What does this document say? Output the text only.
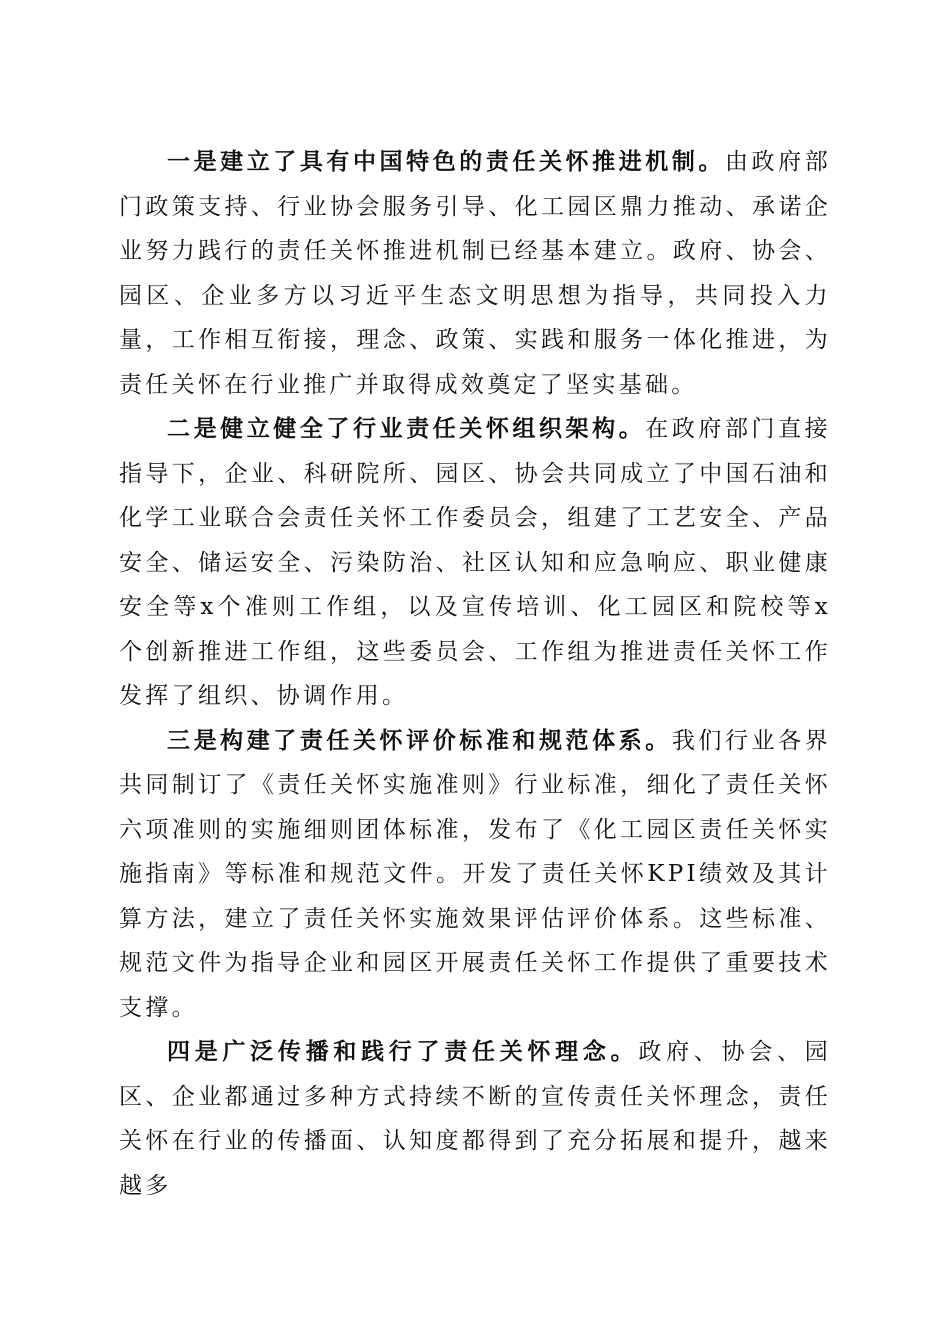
一是建立了具有中国特色的责任关怀推进机制。由政府部门政策支持、行业协会服务引导、化工园区鼎力推动、承诺企业努力践行的责任关怀推进机制已经基本建立。政府、协会、园区、企业多方以习近平生态文明思想为指导，共同投入力量，工作相互衔接，理念、政策、实践和服务一体化推进，为责任关怀在行业推广并取得成效奠定了坚实基础。

二是健立健全了行业责任关怀组织架构。在政府部门直接指导下，企业、科研院所、园区、协会共同成立了中国石油和化学工业联合会责任关怀工作委员会，组建了工艺安全、产品安全、储运安全、污染防治、社区认知和应急响应、职业健康安全等x个准则工作组，以及宣传培训、化工园区和院校等x个创新推进工作组，这些委员会、工作组为推进责任关怀工作发挥了组织、协调作用。

三是构建了责任关怀评价标准和规范体系。我们行业各界共同制订了《责任关怀实施准则》行业标准，细化了责任关怀六项准则的实施细则团体标准，发布了《化工园区责任关怀实施指南》等标准和规范文件。开发了责任关怀KPI绩效及其计算方法，建立了责任关怀实施效果评估评价体系。这些标准、规范文件为指导企业和园区开展责任关怀工作提供了重要技术支撑。

四是广泛传播和践行了责任关怀理念。政府、协会、园区、企业都通过多种方式持续不断的宣传责任关怀理念，责任关怀在行业的传播面、认知度都得到了充分拓展和提升，越来越多
